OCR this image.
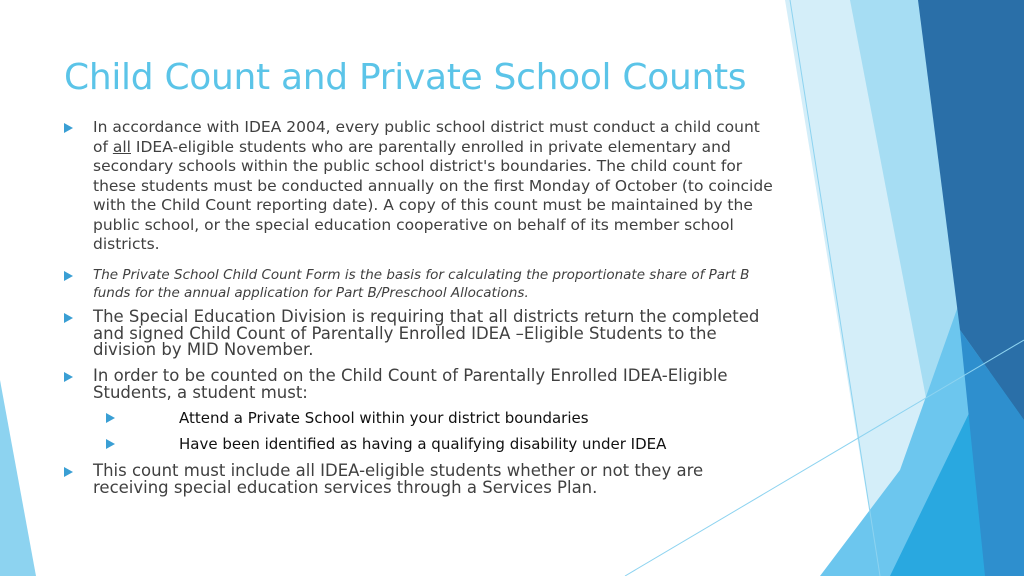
Child Count and Private School Counts
In accordance with IDEA 2004, every public school district must conduct a child count of all IDEA-eligible students who are parentally enrolled in private elementary and secondary schools within the public school district's boundaries. The child count for these students must be conducted annually on the first Monday of October (to coincide with the Child Count reporting date). A copy of this count must be maintained by the public school, or the special education cooperative on behalf of its member school districts.
The Private School Child Count Form is the basis for calculating the proportionate share of Part B funds for the annual application for Part B/Preschool Allocations.
The Special Education Division is requiring that all districts return the completed and signed Child Count of Parentally Enrolled IDEA –Eligible Students to the division by MID November.
In order to be counted on the Child Count of Parentally Enrolled IDEA-Eligible Students, a student must:
Attend a Private School within your district boundaries
Have been identified as having a qualifying disability under IDEA
This count must include all IDEA-eligible students whether or not they are receiving special education services through a Services Plan.
